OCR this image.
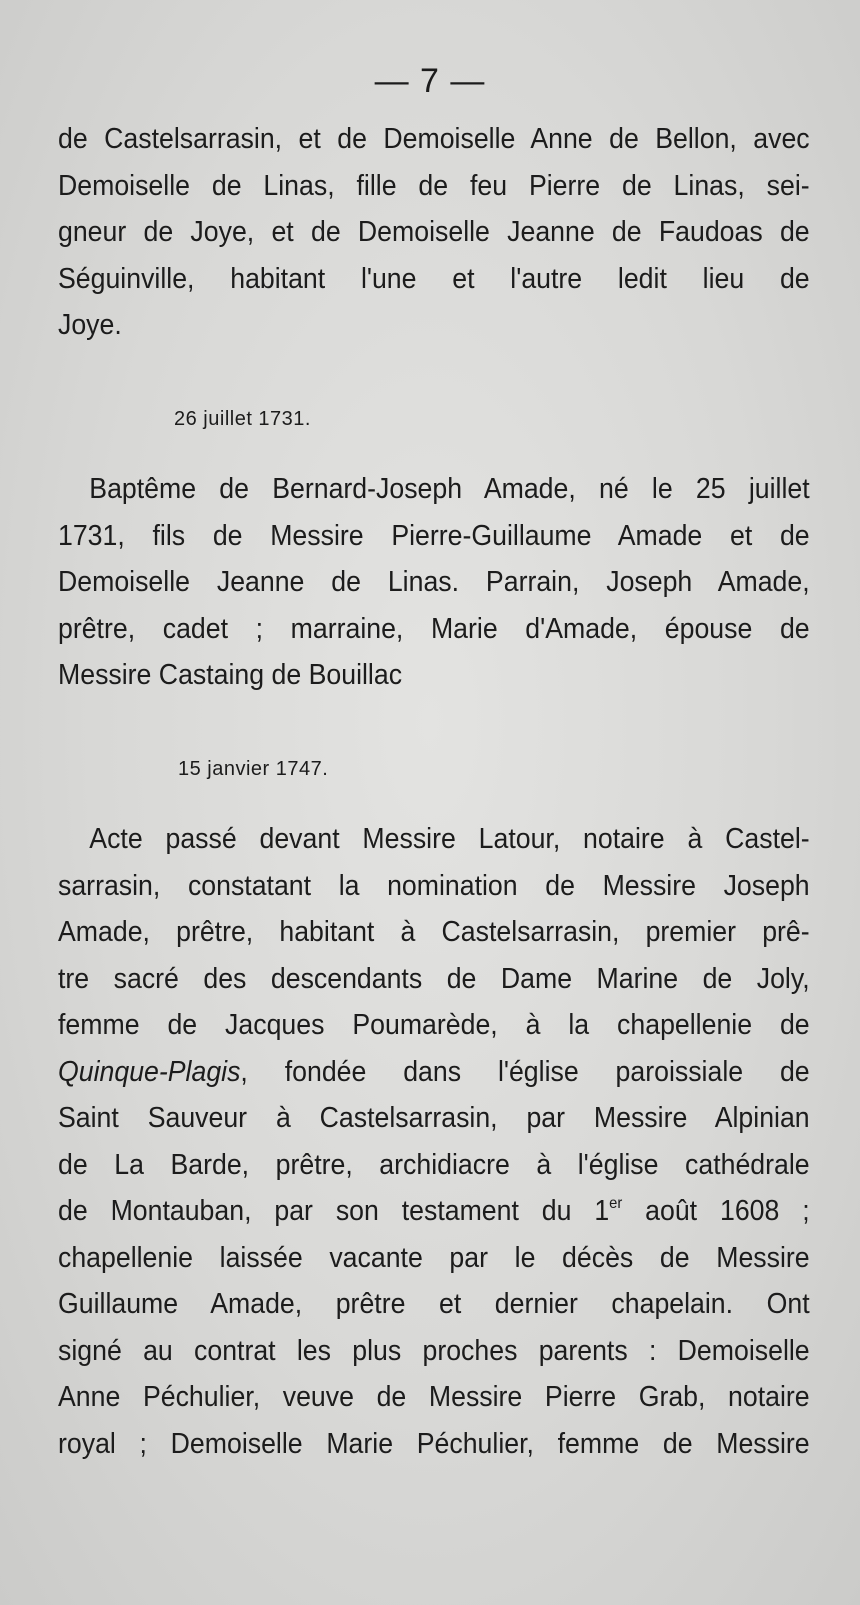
— 7 —
de Castelsarrasin, et de Demoiselle Anne de Bellon, avec
Demoiselle de Linas, fille de feu Pierre de Linas, sei-
gneur de Joye, et de Demoiselle Jeanne de Faudoas de
Séguinville, habitant l'une et l'autre ledit lieu de
Joye.
26 juillet 1731.
Baptême de Bernard-Joseph Amade, né le 25 juillet
1731, fils de Messire Pierre-Guillaume Amade et de
Demoiselle Jeanne de Linas. Parrain, Joseph Amade,
prêtre, cadet ; marraine, Marie d'Amade, épouse de
Messire Castaing de Bouillac
15 janvier 1747.
Acte passé devant Messire Latour, notaire à Castel-
sarrasin, constatant la nomination de Messire Joseph
Amade, prêtre, habitant à Castelsarrasin, premier prê-
tre sacré des descendants de Dame Marine de Joly,
femme de Jacques Poumarède, à la chapellenie de
Quinque-Plagis, fondée dans l'église paroissiale de
Saint Sauveur à Castelsarrasin, par Messire Alpinian
de La Barde, prêtre, archidiacre à l'église cathédrale
de Montauban, par son testament du 1er août 1608 ;
chapellenie laissée vacante par le décès de Messire
Guillaume Amade, prêtre et dernier chapelain. Ont
signé au contrat les plus proches parents : Demoiselle
Anne Péchulier, veuve de Messire Pierre Grab, notaire
royal ; Demoiselle Marie Péchulier, femme de Messire
